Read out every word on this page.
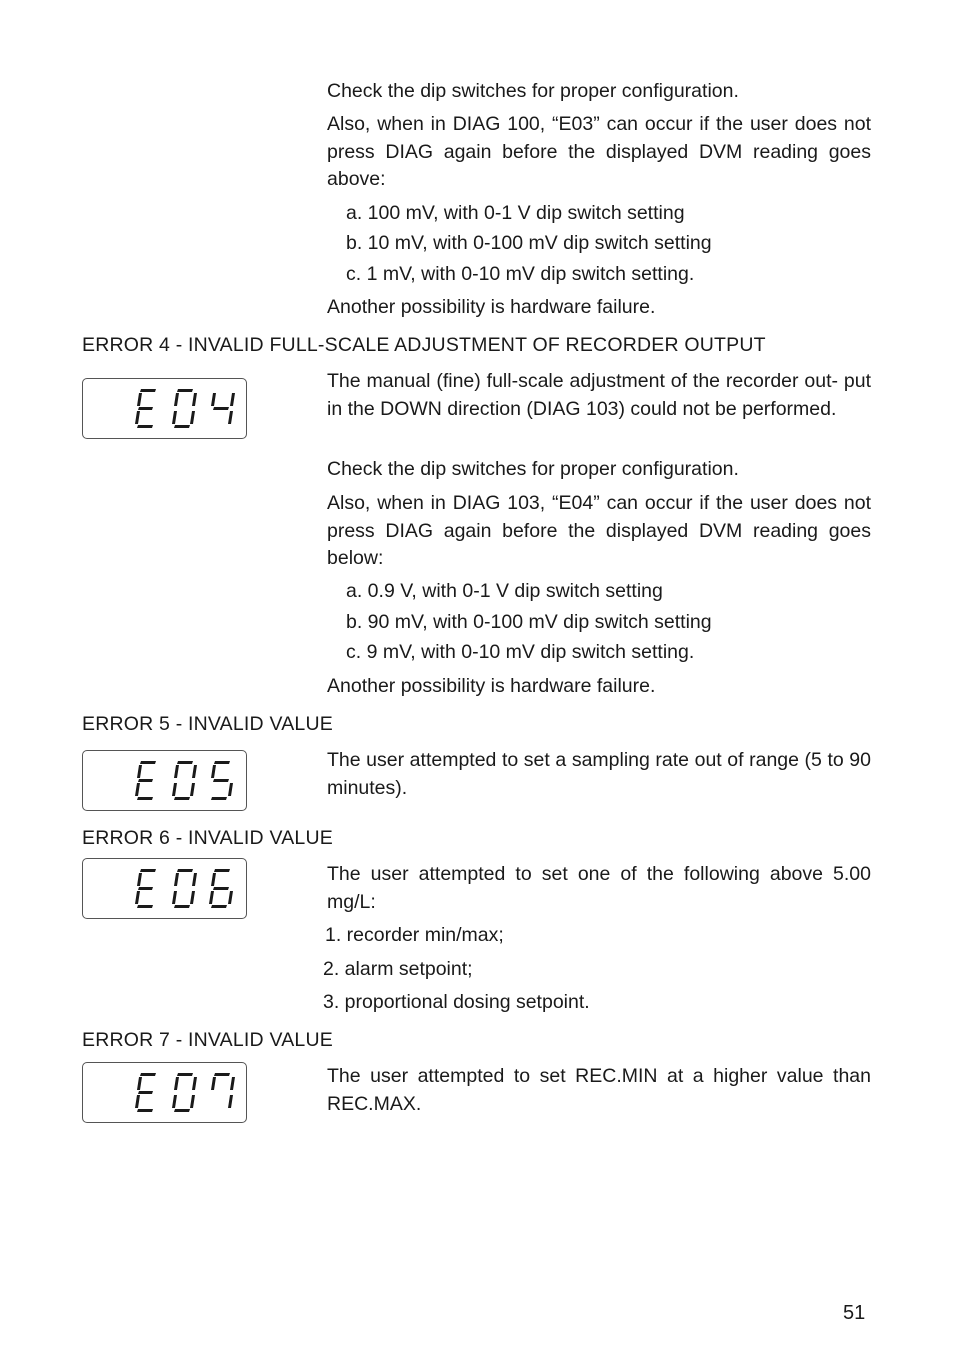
Check the dip switches for proper configuration.

Also, when in DIAG 100, “E03” can occur if the user does not press DIAG again before the displayed DVM reading goes above:

a. 100 mV, with 0-1 V dip switch setting
b. 10 mV, with 0-100 mV dip switch setting
c. 1 mV, with 0-10 mV dip switch setting.

Another possibility is hardware failure.

ERROR 4 - INVALID FULL-SCALE ADJUSTMENT OF RECORDER OUTPUT

The manual (fine) full-scale adjustment of the recorder out- put in the DOWN direction (DIAG 103) could not be performed.

Check the dip switches for proper configuration.

Also, when in DIAG 103, “E04” can occur if the user does not press DIAG again before the displayed DVM reading goes below:

a. 0.9 V, with 0-1 V dip switch setting
b. 90 mV, with 0-100 mV dip switch setting
c. 9 mV, with 0-10 mV dip switch setting.

Another possibility is hardware failure.

ERROR 5 - INVALID VALUE

The user attempted to set a sampling rate out of range (5 to 90 minutes).

ERROR 6 - INVALID VALUE

The user attempted to set one of the following above 5.00 mg/L:

1. recorder min/max;
2. alarm setpoint;
3. proportional dosing setpoint.
ERROR 7 - INVALID VALUE

The user attempted to set REC.MIN at a higher value than REC.MAX.

51
